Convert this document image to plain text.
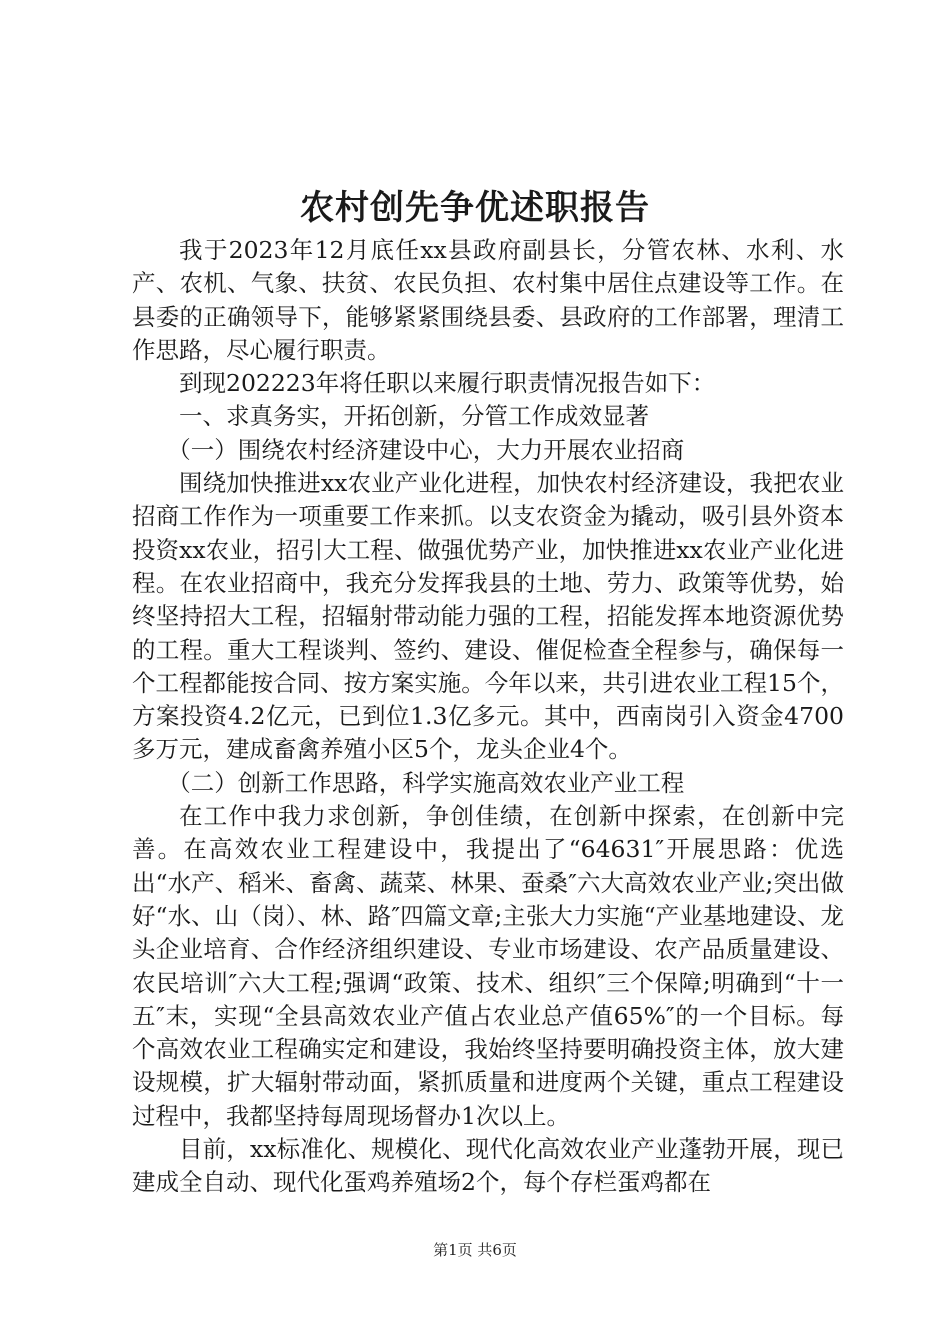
农村创先争优述职报告

我于2023年12月底任xx县政府副县长，分管农林、水利、水产、农机、气象、扶贫、农民负担、农村集中居住点建设等工作。在县委的正确领导下，能够紧紧围绕县委、县政府的工作部署，理清工作思路，尽心履行职责。

到现202223年将任职以来履行职责情况报告如下：

一、求真务实，开拓创新，分管工作成效显著

（一）围绕农村经济建设中心，大力开展农业招商

围绕加快推进xx农业产业化进程，加快农村经济建设，我把农业招商工作作为一项重要工作来抓。以支农资金为撬动，吸引县外资本投资xx农业，招引大工程、做强优势产业，加快推进xx农业产业化进程。在农业招商中，我充分发挥我县的土地、劳力、政策等优势，始终坚持招大工程，招辐射带动能力强的工程，招能发挥本地资源优势的工程。重大工程谈判、签约、建设、催促检查全程参与，确保每一个工程都能按合同、按方案实施。今年以来，共引进农业工程15个，方案投资4.2亿元，已到位1.3亿多元。其中，西南岗引入资金4700多万元，建成畜禽养殖小区5个，龙头企业4个。

（二）创新工作思路，科学实施高效农业产业工程

在工作中我力求创新，争创佳绩，在创新中探索，在创新中完善。在高效农业工程建设中，我提出了“64631″开展思路：优选出“水产、稻米、畜禽、蔬菜、林果、蚕桑″六大高效农业产业;突出做好“水、山（岗）、林、路″四篇文章;主张大力实施“产业基地建设、龙头企业培育、合作经济组织建设、专业市场建设、农产品质量建设、农民培训″六大工程;强调“政策、技术、组织″三个保障;明确到“十一五″末，实现“全县高效农业产值占农业总产值65%″的一个目标。每个高效农业工程确实定和建设，我始终坚持要明确投资主体，放大建设规模，扩大辐射带动面，紧抓质量和进度两个关键，重点工程建设过程中，我都坚持每周现场督办1次以上。

目前，xx标准化、规模化、现代化高效农业产业蓬勃开展，现已建成全自动、现代化蛋鸡养殖场2个，每个存栏蛋鸡都在

第1页 共6页
